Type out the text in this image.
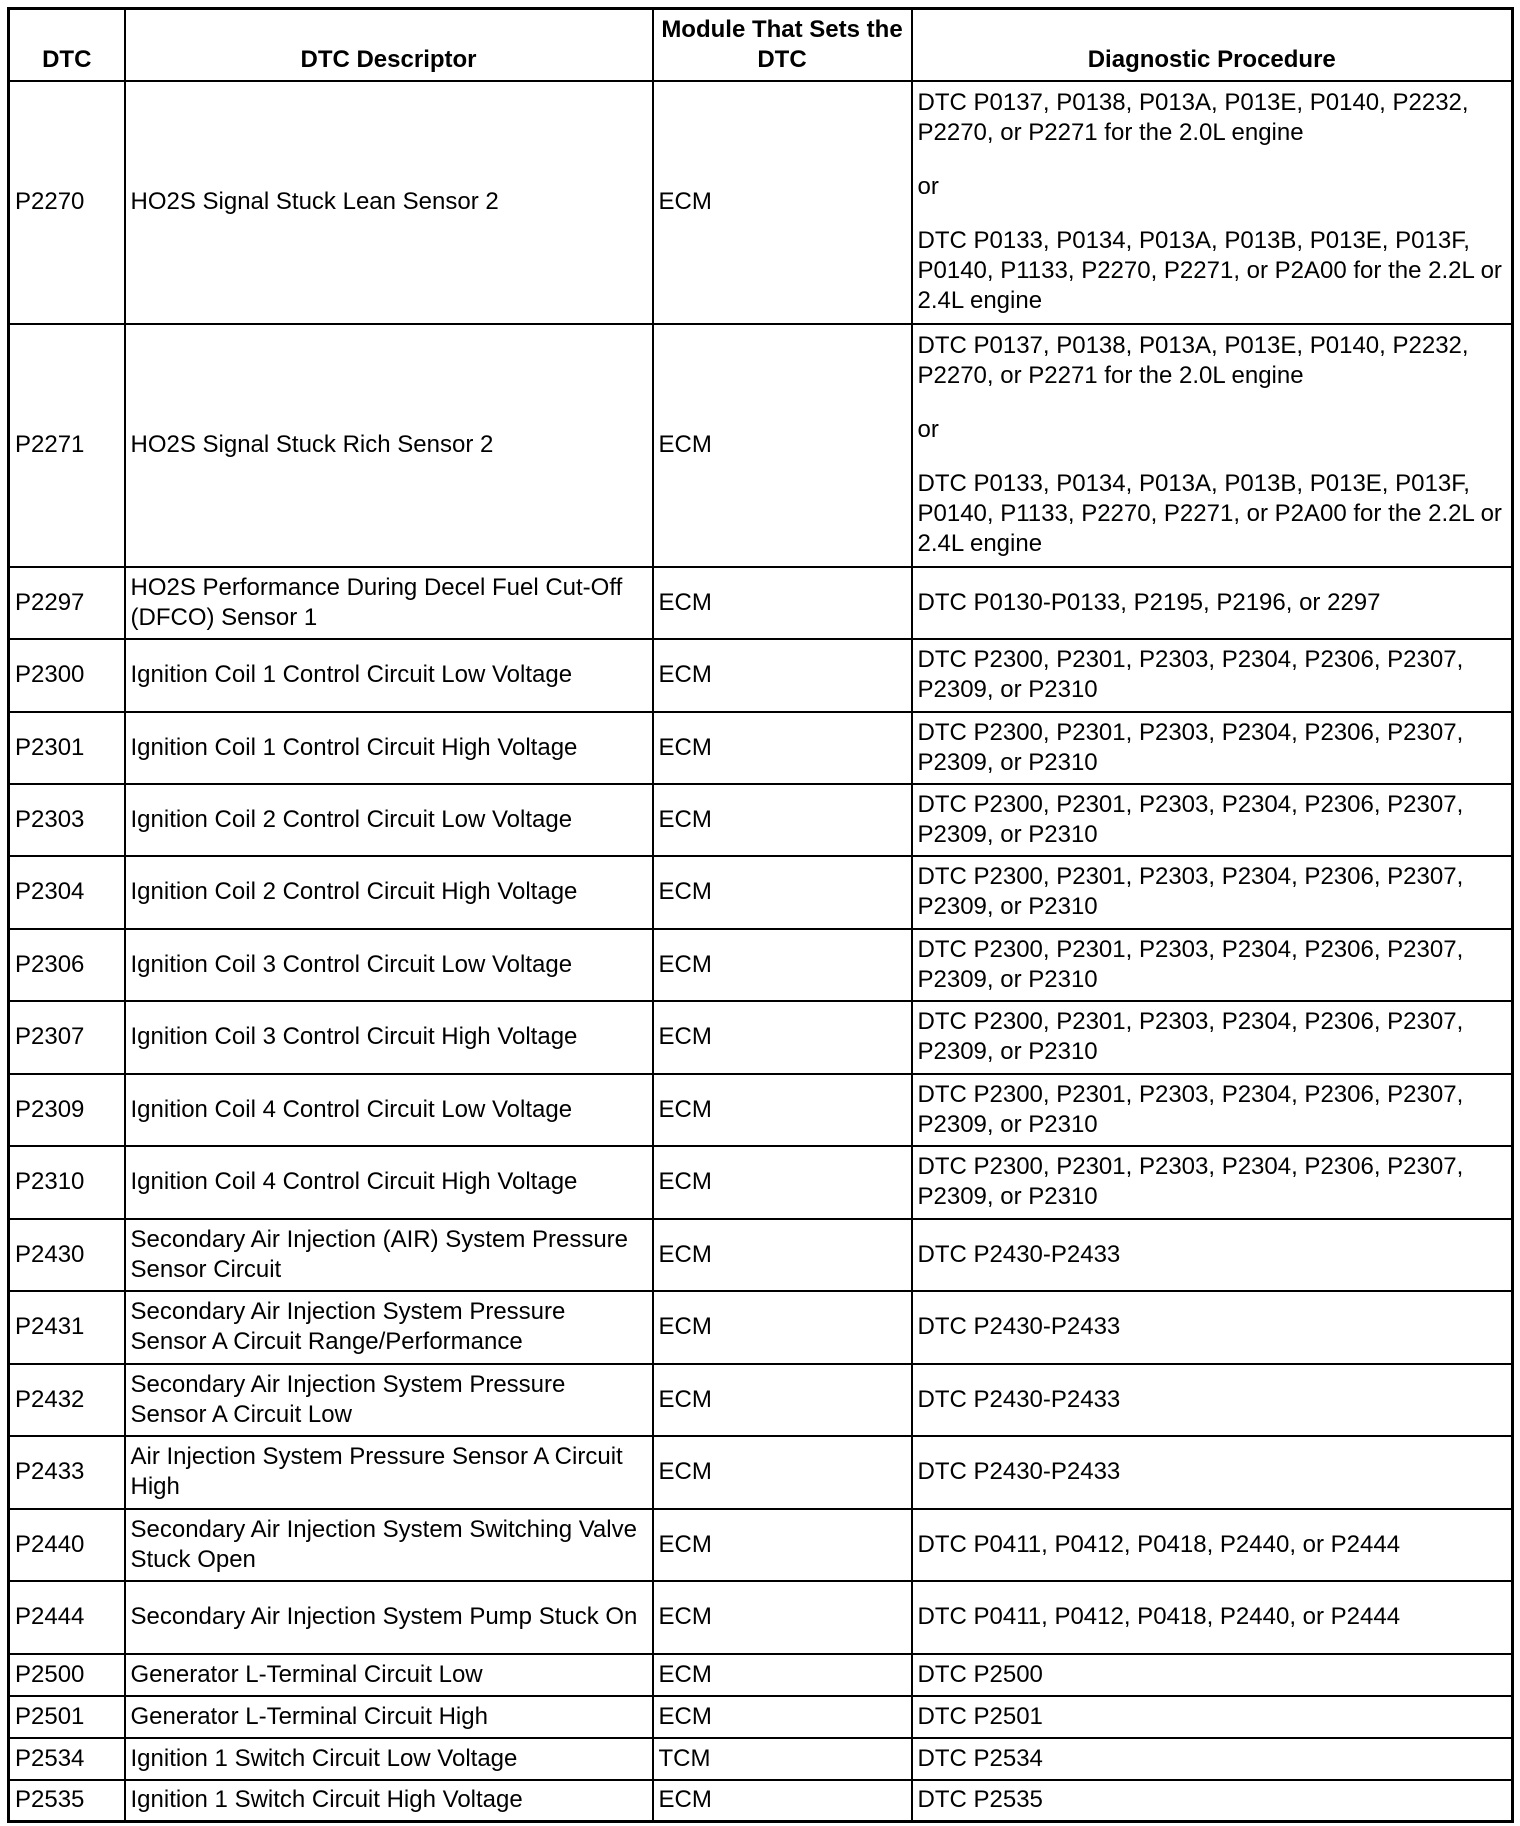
DTC	DTC Descriptor	Module That Sets the DTC	Diagnostic Procedure
P2270	HO2S Signal Stuck Lean Sensor 2	ECM	DTC P0137, P0138, P013A, P013E, P0140, P2232, P2270, or P2271 for the 2.0L engine
or
DTC P0133, P0134, P013A, P013B, P013E, P013F, P0140, P1133, P2270, P2271, or P2A00 for the 2.2L or 2.4L engine

P2271	HO2S Signal Stuck Rich Sensor 2	ECM	DTC P0137, P0138, P013A, P013E, P0140, P2232, P2270, or P2271 for the 2.0L engine
or
DTC P0133, P0134, P013A, P013B, P013E, P013F, P0140, P1133, P2270, P2271, or P2A00 for the 2.2L or 2.4L engine

P2297	HO2S Performance During Decel Fuel Cut-Off (DFCO) Sensor 1	ECM	DTC P0130-P0133, P2195, P2196, or 2297

P2300	Ignition Coil 1 Control Circuit Low Voltage	ECM	DTC P2300, P2301, P2303, P2304, P2306, P2307, P2309, or P2310

P2301	Ignition Coil 1 Control Circuit High Voltage	ECM	DTC P2300, P2301, P2303, P2304, P2306, P2307, P2309, or P2310

P2303	Ignition Coil 2 Control Circuit Low Voltage	ECM	DTC P2300, P2301, P2303, P2304, P2306, P2307, P2309, or P2310

P2304	Ignition Coil 2 Control Circuit High Voltage	ECM	DTC P2300, P2301, P2303, P2304, P2306, P2307, P2309, or P2310

P2306	Ignition Coil 3 Control Circuit Low Voltage	ECM	DTC P2300, P2301, P2303, P2304, P2306, P2307, P2309, or P2310

P2307	Ignition Coil 3 Control Circuit High Voltage	ECM	DTC P2300, P2301, P2303, P2304, P2306, P2307, P2309, or P2310

P2309	Ignition Coil 4 Control Circuit Low Voltage	ECM	DTC P2300, P2301, P2303, P2304, P2306, P2307, P2309, or P2310

P2310	Ignition Coil 4 Control Circuit High Voltage	ECM	DTC P2300, P2301, P2303, P2304, P2306, P2307, P2309, or P2310

P2430	Secondary Air Injection (AIR) System Pressure Sensor Circuit	ECM	DTC P2430-P2433

P2431	Secondary Air Injection System Pressure Sensor A Circuit Range/Performance	ECM	DTC P2430-P2433

P2432	Secondary Air Injection System Pressure Sensor A Circuit Low	ECM	DTC P2430-P2433

P2433	Air Injection System Pressure Sensor A Circuit High	ECM	DTC P2430-P2433

P2440	Secondary Air Injection System Switching Valve Stuck Open	ECM	DTC P0411, P0412, P0418, P2440, or P2444

P2444	Secondary Air Injection System Pump Stuck On	ECM	DTC P0411, P0412, P0418, P2440, or P2444

P2500	Generator L-Terminal Circuit Low	ECM	DTC P2500

P2501	Generator L-Terminal Circuit High	ECM	DTC P2501

P2534	Ignition 1 Switch Circuit Low Voltage	TCM	DTC P2534

P2535	Ignition 1 Switch Circuit High Voltage	ECM	DTC P2535
